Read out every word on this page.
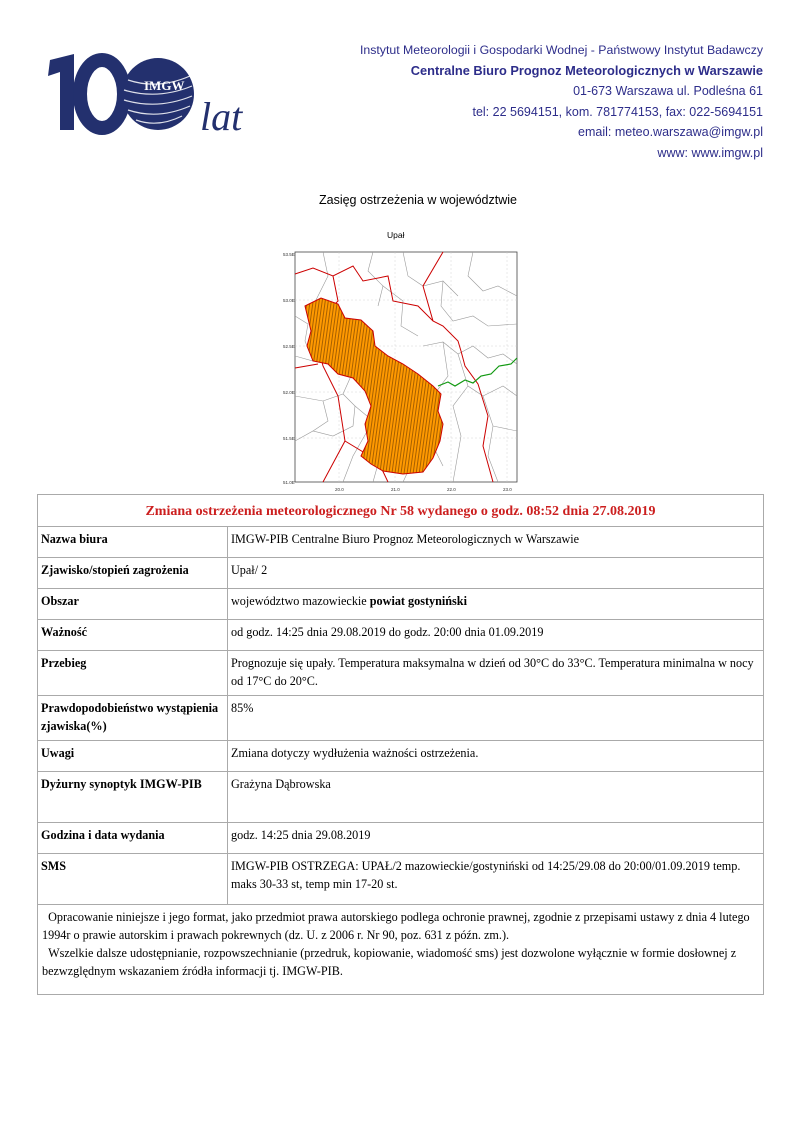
IMGW
lat
Instytut Meteorologii i Gospodarki Wodnej - Państwowy Instytut Badawczy
Centralne Biuro Prognoz Meteorologicznych w Warszawie
01-673 Warszawa ul. Podleśna 61
tel: 22 5694151, kom. 781774153, fax: 022-5694151
email: meteo.warszawa@imgw.pl
www: www.imgw.pl
Zasięg ostrzeżenia w województwie
Upał
53.5E
53.0E
52.5E
52.0E
51.5E
51.0E
20.0	21.0	22.0	23.0
Zmiana ostrzeżenia meteorologicznego Nr 58 wydanego o godz. 08:52 dnia 27.08.2019	
Nazwa biura	IMGW-PIB Centralne Biuro Prognoz Meteorologicznych w Warszawie
Zjawisko/stopień zagrożenia	Upał/ 2
Obszar	województwo mazowieckie powiat gostyniński
Ważność	od godz. 14:25 dnia 29.08.2019 do godz. 20:00 dnia 01.09.2019
Przebieg	Prognozuje się upały. Temperatura maksymalna w dzień od 30°C do 33°C. Temperatura minimalna w nocy od 17°C do 20°C.
Prawdopodobieństwo wystąpienia zjawiska(%)	85%
Uwagi	Zmiana dotyczy wydłużenia ważności ostrzeżenia.
Dyżurny synoptyk IMGW-PIB	Grażyna Dąbrowska
Godzina i data wydania	godz. 14:25 dnia 29.08.2019
SMS	IMGW-PIB OSTRZEGA: UPAŁ/2 mazowieckie/gostyniński od 14:25/29.08 do 20:00/01.09.2019 temp. maks 30-33 st, temp min 17-20 st.

Opracowanie niniejsze i jego format, jako przedmiot prawa autorskiego podlega ochronie prawnej, zgodnie z przepisami ustawy z dnia 4 lutego 1994r o prawie autorskim i prawach pokrewnych (dz. U. z 2006 r. Nr 90, poz. 631 z późn. zm.).

Wszelkie dalsze udostępnianie, rozpowszechnianie (przedruk, kopiowanie, wiadomość sms) jest dozwolone wyłącznie w formie dosłownej z bezwzględnym wskazaniem źródła informacji tj. IMGW-PIB.	
